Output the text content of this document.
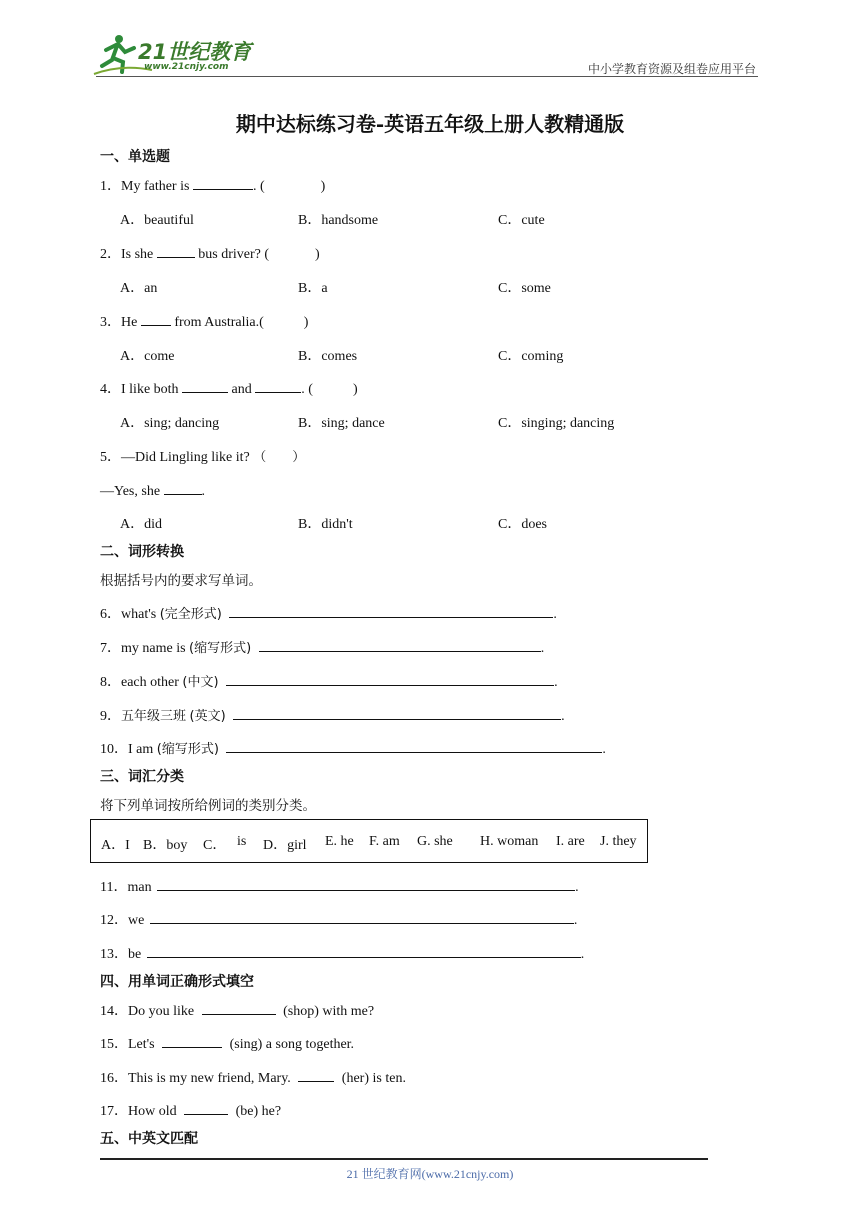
21世纪教育
www.21cnjy.com	中小学教育资源及组卷应用平台
期中达标练习卷-英语五年级上册人教精通版
一、单选题
1．My father is	. (	)
A．beautiful	B．handsome	C．cute
2．Is she	bus driver? (	)
A．an	B．a	C．some
3．He	from Australia.(	)
A．come	B．comes	C．coming
4．I like both	and	. (	)
A．sing; dancing	B．sing; dance	C．singing; dancing
5．—Did Lingling like it? （　　）
—Yes, she	.
A．did	B．didn't	C．does
二、词形转换
根据括号内的要求写单词。
6．what's (完全形式)	.
7．my name is (缩写形式)	.
8．each other (中文)	.
9．五年级三班 (英文)	.
10．I am (缩写形式)	.
三、词汇分类
将下列单词按所给例词的类别分类。
A．I B．boy C． is D．girl E. he F. am G. she H. woman I. are J. they
11．man	.
12．we	.
13．be	.
四、用单词正确形式填空
14．Do you like	(shop) with me?
15．Let's	(sing) a song together.
16．This is my new friend, Mary.	(her) is ten.
17．How old	(be) he?
五、中英文匹配
21 世纪教育网(www.21cnjy.com)
